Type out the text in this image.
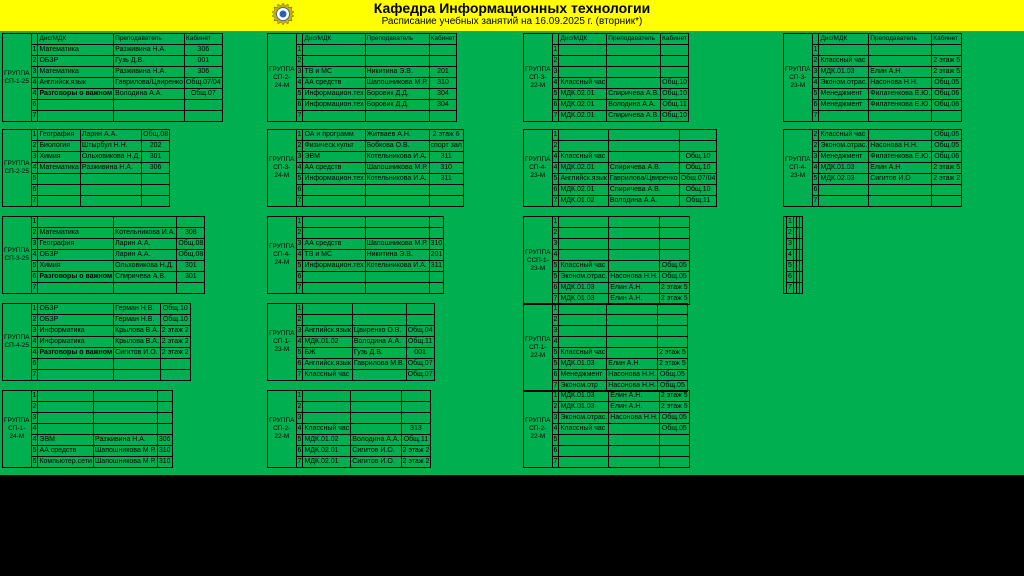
Кафедра Информационных технологии
Расписание учебных занятий на 16.09.2025 г. (вторник*)
ГРУППА СП-1-25		Дис/МДК	Преподаватель	Кабинет
	1	Математика	Разживина Н.А.	306
	2	ОБЗР	Гузь Д.В.	001
	3	Математика	Разживина Н.А.	306
	4	Английск.язык	Гаврилова/Цвиренко	Общ.07/04
	4	Разговоры о важном	Володина А.А.	Общ.07
	6			
	7			
ГРУППА СП-2-24-М		Дис/МДК	Преподаватель	Кабинет
	1			
	2			
	3	ТВ и МС	Никитина Э.В.	201
	4	АА средств	Шапошникова М.Р.	310
	5	Информацион.тех	Боровик Д.Д.	304
	6	Информацион.тех	Боровик Д.Д.	304
	7			
ГРУППА СП-3-22-М		Дис/МДК	Преподаватель	Кабинет
	1			
	2			
	3			
	4	Классный час		Общ.10
	5	МДК.02.01	Спиричева А.В.	Общ.10
	6	МДК.02.01	Володина А.А.	Общ.11
	7	МДК.02.01	Спиричева А.В.	Общ.10
ГРУППА СП-3-23-М		Дис/МДК	Преподаватель	Кабинет
	1			
	2	Классный час		2 этаж 5
	3	МДК.01.03	Елин А.Н.	2 этаж 5
	4	Эконом.отрас.	Насонова Н.Н.	Общ.05
	5	Менеджмент	Филатенкова Е.Ю.	Общ.06
	6	Менеджмент	Филатенкова Е.Ю.	Общ.06
	7			
ГРУППА СП-2-25	1	География	Ларин А.А.	Общ.08
	2	Биология	Штырбул Н.Н.	202
	3	Химия	Ольховикова Н.Д.	301
	4	Математика	Разживина Н.А.	306
	5			
	6			
	7			
ГРУППА СП-3-24-М	1	ОА и программ	Житваев А.Н.	2 этаж 6
	2	Физическ.культ	Бобкова О.В.	спорт зал
	3	ЭВМ	Котельникова И.А.	311
	4	АА средств	Шапошникова М.Р.	310
	5	Информацион.тех	Котельникова И.А.	311
	6			
	7			
ГРУППА СП-4-23-М	1			
	2			
	4	Классный час		Общ.10
	4	МДК.02.01	Спиричева А.В.	Общ.10
	5	Английск.язык	Гаврилова/Цвиренко	Общ.07/04
	6	МДК.02.01	Спиричева А.В.	Общ.10
	7	МДК.01.02	Володина А.А.	Общ.11
ГРУППА СП-4-23-М	2	Классный час		Общ.05
	2	Эконом.отрас.	Насонова Н.Н.	Общ.05
	3	Менеджмент	Филатенкова Е.Ю.	Общ.06
	4	МДК.01.03	Елин А.Н.	2 этаж 5
	5	МДК.02.03	Сигитов И.О	2 этаж 2
	6			
	7			
ГРУППА СП-3-25	1			
	2	Математика	Котельникова И.А.	308
	3	География	Ларин А.А.	Общ.08
	4	ОБЗР	Ларин А.А.	Общ.08
	5	Химия	Ольховикова Н.Д.	301
	6	Разговоры о важном	Спиричева А.В.	301
	7			
ГРУППА СП-4-24-М	1			
	2			
	3	АА средств	Шапошникова М.Р.	310
	4	ТВ и МС	Никитина Э.В.	201
	5	Информацион.тех	Котельникова И.А.	311
	6			
	7			
ГРУППА ССП-1-23-М	1			
	2			
	3			
	4			
	5	Классный час		Общ.05
	5	Эконом.отрас.	Насонова Н.Н.	Общ.05
	6	МДК.01.03	Елин А.Н.	2 этаж 5
	7	МДК.01.03	Елин А.Н.	2 этаж 5
	1			
	2			
	3			
	4			
	5			
	6			
	7			
ГРУППА СП-4-25	1	ОБЗР	Герман Н.В.	Общ.10
	2	ОБЗР	Герман Н.В.	Общ.10
	3	Информатика	Крылова В.А.	2 этаж 2
	4	Информатика	Крылова В.А.	2 этаж 2
	4	Разговоры о важном	Сигитов И.О.	2 этаж 2
	6			
	7			
ГРУППА СП-1-23-М	1			
	2			
	3	Английск.язык	Цвиренко О.В.	Общ.04
	4	МДК.01.02	Володина А.А.	Общ.11
	5	БЖ	Гузь Д.В.	001
	6	Английск.язык	Гаврилова М.В.	Общ.07
	7	Классный час		Общ.07
ГРУППА СП-1-22-М	1			
	2			
	3			
	4			
	5	Классный час		2 этаж 5
	5	МДК.01.03	Елин А.Н.	2 этаж 5
	6	Менеджмент	Насонова Н.Н.	Общ.05
	7	Эконом.отр	Насонова Н.Н.	Общ.05
ГРУППА СП-1-24-М	1			
	2			
	3			
	4			
	4	ЭВМ	Разживина Н.А.	306
	5	АА средств	Шапошникова М.Р.	310
	6	Компьютер.сети	Шапошникова М.Р.	310
ГРУППА СП-2-22-М	1			
	2			
	3			
	4	Классный час		313
	5	МДК.01.02	Володина А.А.	Общ.11
	6	МДК.02.01	Сигитов И.О.	2 этаж 2
	7	МДК.02.01	Сигитов И.О.	2 этаж 2
ГРУППА СП-2-22-М	1	МДК.01.03	Елин А.Н.	2 этаж 5
	2	МДК.01.03	Елин А.Н.	2 этаж 5
	3	Эконом.отрас.	Насонова Н.Н.	Общ.05
	4	Классный час		Общ.05
	5			
	6			
	7			
